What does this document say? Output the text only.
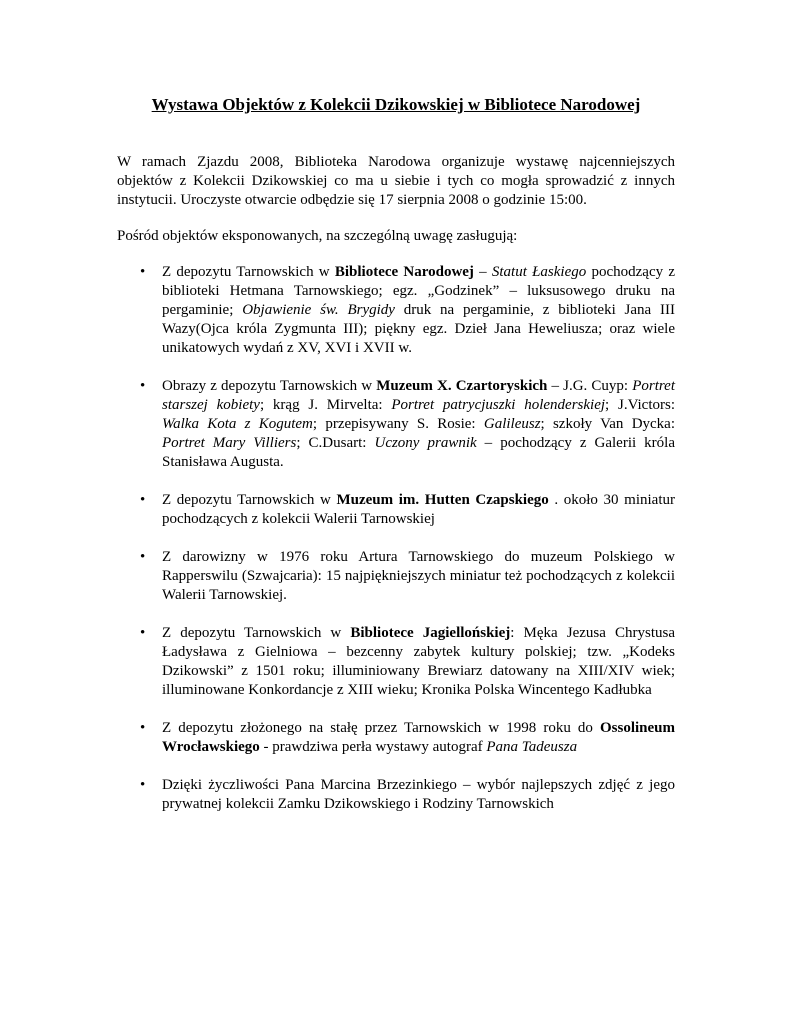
Wystawa Objektów z Kolekcii Dzikowskiej w Bibliotece Narodowej

W ramach Zjazdu 2008, Biblioteka Narodowa organizuje wystawę najcenniejszych objektów z Kolekcii Dzikowskiej co ma u siebie i tych co mogła sprowadzić z innych instytucii. Uroczyste otwarcie odbędzie się 17 sierpnia 2008 o godzinie 15:00.

Pośród objektów eksponowanych, na szczególną uwagę zasługują:

• Z depozytu Tarnowskich w Bibliotece Narodowej – Statut Łaskiego pochodzący z biblioteki Hetmana Tarnowskiego; egz. „Godzinek” – luksusowego druku na pergaminie; Objawienie św. Brygidy druk na pergaminie, z biblioteki Jana III Wazy(Ojca króla Zygmunta III); piękny egz. Dzieł Jana Heweliusza; oraz wiele unikatowych wydań z XV, XVI i XVII w.
• Obrazy z depozytu Tarnowskich w Muzeum X. Czartoryskich – J.G. Cuyp: Portret starszej kobiety; krąg J. Mirvelta: Portret patrycjuszki holenderskiej; J.Victors: Walka Kota z Kogutem; przepisywany S. Rosie: Galileusz; szkoły Van Dycka: Portret Mary Villiers; C.Dusart: Uczony prawnik – pochodzący z Galerii króla Stanisława Augusta.
• Z depozytu Tarnowskich w Muzeum im. Hutten Czapskiego . około 30 miniatur pochodzących z kolekcii Walerii Tarnowskiej
• Z darowizny w 1976 roku Artura Tarnowskiego do muzeum Polskiego w Rapperswilu (Szwajcaria): 15 najpiękniejszych miniatur też pochodzących z kolekcii Walerii Tarnowskiej.
• Z depozytu Tarnowskich w Bibliotece Jagiellońskiej: Męka Jezusa Chrystusa Ładysława z Gielniowa – bezcenny zabytek kultury polskiej; tzw. „Kodeks Dzikowski” z 1501 roku; illuminiowany Brewiarz datowany na XIII/XIV wiek; illuminowane Konkordancje z XIII wieku; Kronika Polska Wincentego Kadłubka
• Z depozytu złożonego na stałę przez Tarnowskich w 1998 roku do Ossolineum Wrocławskiego - prawdziwa perła wystawy autograf Pana Tadeusza
• Dzięki życzliwości Pana Marcina Brzezinkiego – wybór najlepszych zdjęć z jego prywatnej kolekcii Zamku Dzikowskiego i Rodziny Tarnowskich
